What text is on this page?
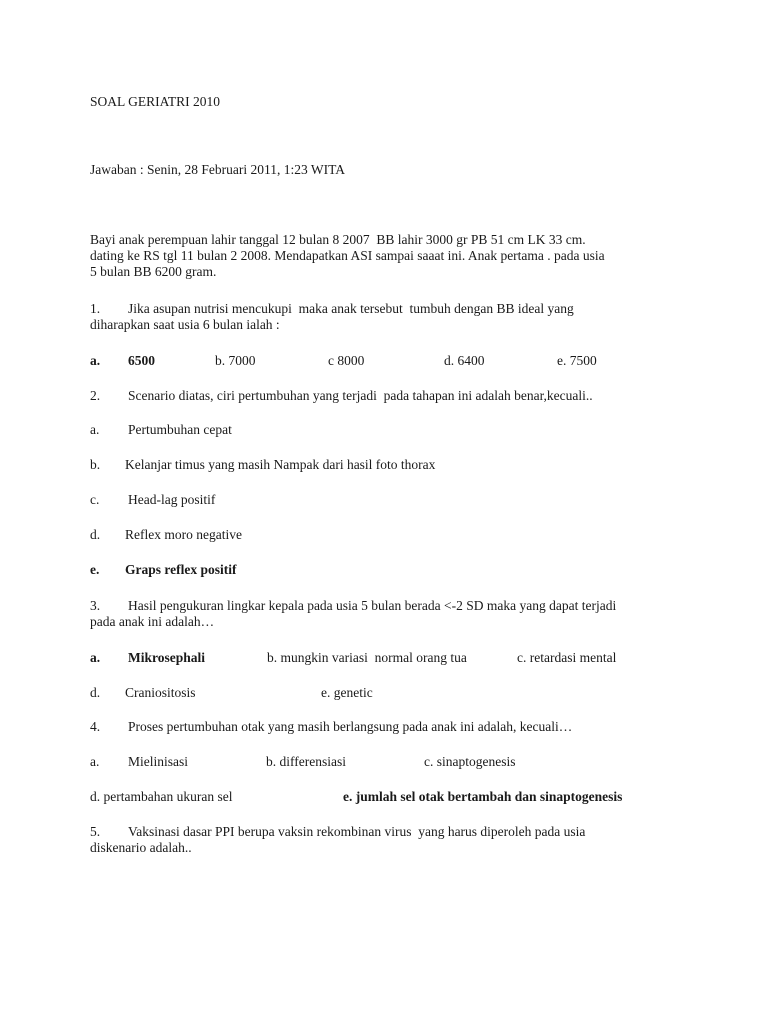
SOAL GERIATRI 2010
Jawaban : Senin, 28 Februari 2011, 1:23 WITA
Bayi anak perempuan lahir tanggal 12 bulan 8 2007  BB lahir 3000 gr PB 51 cm LK 33 cm.
dating ke RS tgl 11 bulan 2 2008. Mendapatkan ASI sampai saaat ini. Anak pertama . pada usia
5 bulan BB 6200 gram.
1. Jika asupan nutrisi mencukupi  maka anak tersebut  tumbuh dengan BB ideal yang
diharapkan saat usia 6 bulan ialah :
a. 6500	b. 7000	c 8000	d. 6400	e. 7500
2. Scenario diatas, ciri pertumbuhan yang terjadi  pada tahapan ini adalah benar,kecuali..
a. Pertumbuhan cepat
b. Kelanjar timus yang masih Nampak dari hasil foto thorax
c. Head-lag positif
d. Reflex moro negative
e. Graps reflex positif
3. Hasil pengukuran lingkar kepala pada usia 5 bulan berada <-2 SD maka yang dapat terjadi
pada anak ini adalah…
a. Mikrosephali	b. mungkin variasi  normal orang tua	c. retardasi mental
d. Craniositosis	e. genetic
4. Proses pertumbuhan otak yang masih berlangsung pada anak ini adalah, kecuali…
a. Mielinisasi	b. differensiasi	c. sinaptogenesis
d. pertambahan ukuran sel	e. jumlah sel otak bertambah dan sinaptogenesis
5. Vaksinasi dasar PPI berupa vaksin rekombinan virus  yang harus diperoleh pada usia
diskenario adalah..
